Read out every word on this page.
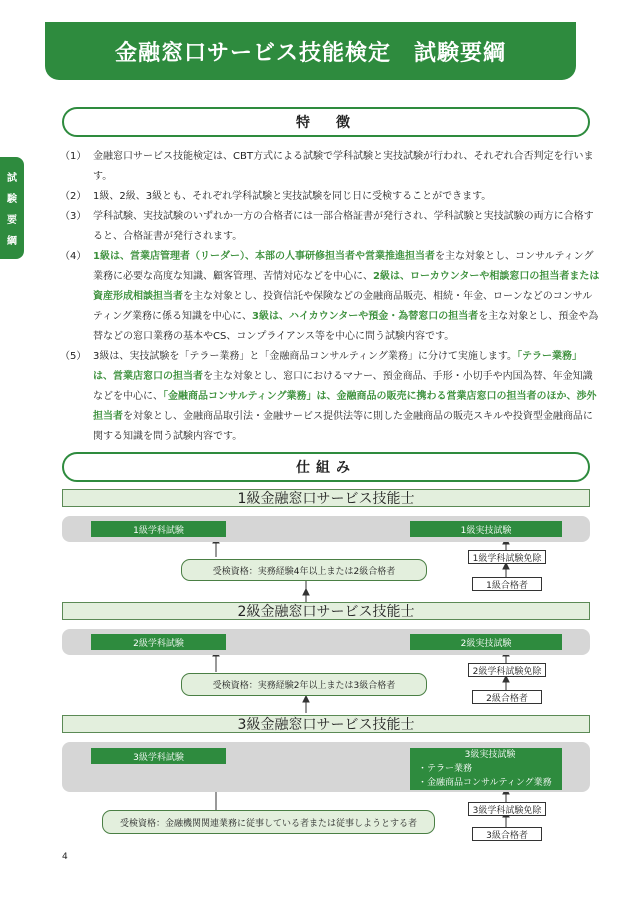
金融窓口サービス技能検定　試験要綱
試
験
要
綱
特　徴
（1） 金融窓口サービス技能検定は、CBT方式による試験で学科試験と実技試験が行われ、それぞれ合否判定を行います。
（2） 1級、2級、3級とも、それぞれ学科試験と実技試験を同じ日に受検することができます。
（3） 学科試験、実技試験のいずれか一方の合格者には一部合格証書が発行され、学科試験と実技試験の両方に合格すると、合格証書が発行されます。
（4） 1級は、営業店管理者（リーダー）、本部の人事研修担当者や営業推進担当者を主な対象とし、コンサルティング業務に必要な高度な知識、顧客管理、苦情対応などを中心に、2級は、ローカウンターや相談窓口の担当者または資産形成相談担当者を主な対象とし、投資信託や保険などの金融商品販売、相続・年金、ローンなどのコンサルティング業務に係る知識を中心に、3級は、ハイカウンターや預金・為替窓口の担当者を主な対象とし、預金や為替などの窓口業務の基本やCS、コンプライアンス等を中心に問う試験内容です。
（5） 3級は、実技試験を「テラー業務」と「金融商品コンサルティング業務」に分けて実施します。「テラー業務」は、営業店窓口の担当者を主な対象とし、窓口におけるマナー、預金商品、手形・小切手や内国為替、年金知識などを中心に、「金融商品コンサルティング業務」は、金融商品の販売に携わる営業店窓口の担当者のほか、渉外担当者を対象とし、金融商品取引法・金融サービス提供法等に則した金融商品の販売スキルや投資型金融商品に関する知識を問う試験内容です。
仕組み
1級金融窓口サービス技能士
1級学科試験	1級実技試験
1級学科試験免除
1級合格者
受検資格：実務経験4年以上または2級合格者
2級金融窓口サービス技能士
2級学科試験	2級実技試験
2級学科試験免除
2級合格者
受検資格：実務経験2年以上または3級合格者
3級金融窓口サービス技能士
3級学科試験	3級実技試験
・テラー業務
・金融商品コンサルティング業務
3級学科試験免除
3級合格者
受検資格：金融機関関連業務に従事している者または従事しようとする者
4
